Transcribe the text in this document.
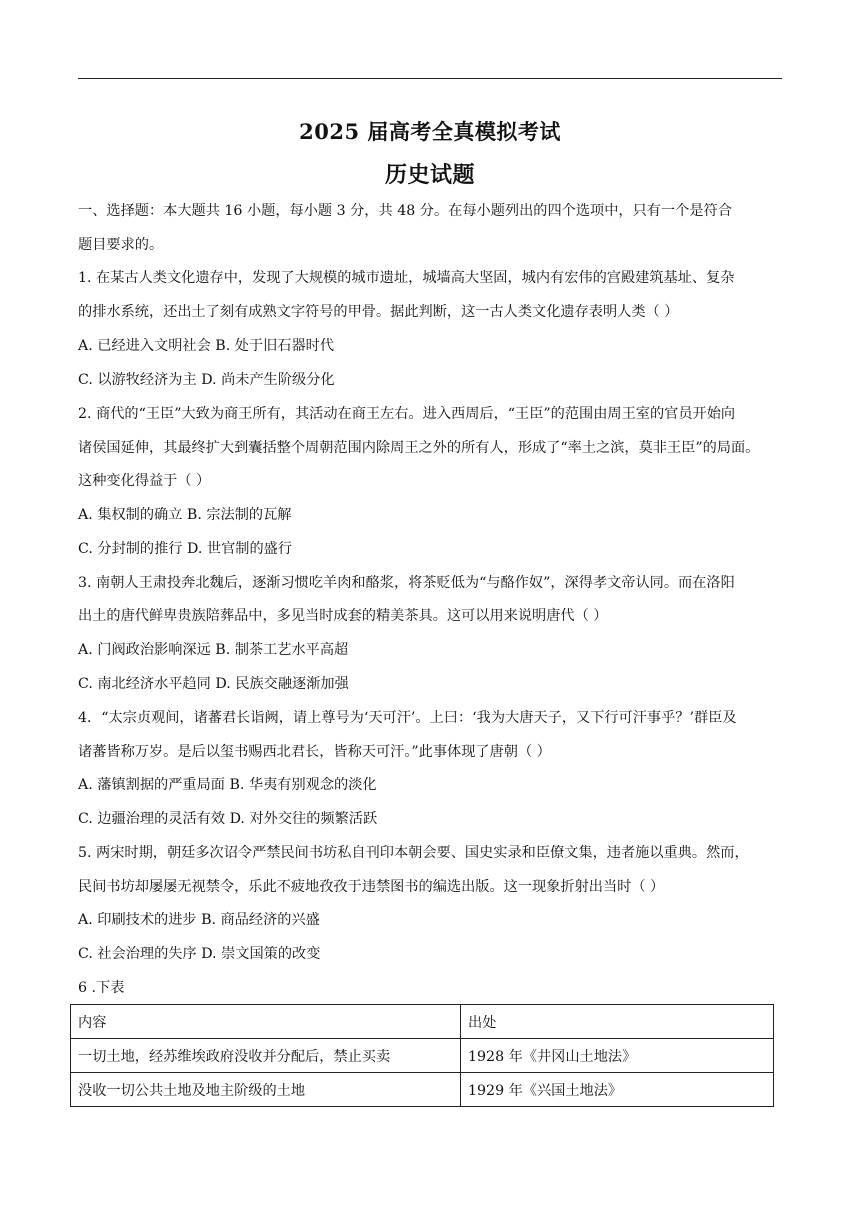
2025 届高考全真模拟考试
历史试题
一、选择题：本大题共 16 小题，每小题 3 分，共 48 分。在每小题列出的四个选项中，只有一个是符合
题目要求的。
1. 在某古人类文化遗存中，发现了大规模的城市遗址，城墙高大坚固，城内有宏伟的宫殿建筑基址、复杂
的排水系统，还出土了刻有成熟文字符号的甲骨。据此判断，这一古人类文化遗存表明人类（ ）
A. 已经进入文明社会 B. 处于旧石器时代
C. 以游牧经济为主 D. 尚未产生阶级分化
2. 商代的“王臣”大致为商王所有，其活动在商王左右。进入西周后，“王臣”的范围由周王室的官员开始向
诸侯国延伸，其最终扩大到囊括整个周朝范围内除周王之外的所有人，形成了“率土之滨，莫非王臣”的局面。
这种变化得益于（ ）
A. 集权制的确立 B. 宗法制的瓦解
C. 分封制的推行 D. 世官制的盛行
3. 南朝人王肃投奔北魏后，逐渐习惯吃羊肉和酪浆，将茶贬低为“与酪作奴”，深得孝文帝认同。而在洛阳
出土的唐代鲜卑贵族陪葬品中，多见当时成套的精美茶具。这可以用来说明唐代（ ）
A. 门阀政治影响深远 B. 制茶工艺水平高超
C. 南北经济水平趋同 D. 民族交融逐渐加强
4．“太宗贞观间，诸蕃君长诣阙，请上尊号为‘天可汗’。上曰：‘我为大唐天子，又下行可汗事乎？’群臣及
诸蕃皆称万岁。是后以玺书赐西北君长，皆称天可汗。”此事体现了唐朝（ ）
A. 藩镇割据的严重局面 B. 华夷有别观念的淡化
C. 边疆治理的灵活有效 D. 对外交往的频繁活跃
5. 两宋时期，朝廷多次诏令严禁民间书坊私自刊印本朝会要、国史实录和臣僚文集，违者施以重典。然而，
民间书坊却屡屡无视禁令，乐此不疲地孜孜于违禁图书的编选出版。这一现象折射出当时（ ）
A. 印刷技术的进步 B. 商品经济的兴盛
C. 社会治理的失序 D. 崇文国策的改变
6 .下表
内容	出处
一切土地，经苏维埃政府没收并分配后，禁止买卖	1928 年《井冈山土地法》
没收一切公共土地及地主阶级的土地	1929 年《兴国土地法》
